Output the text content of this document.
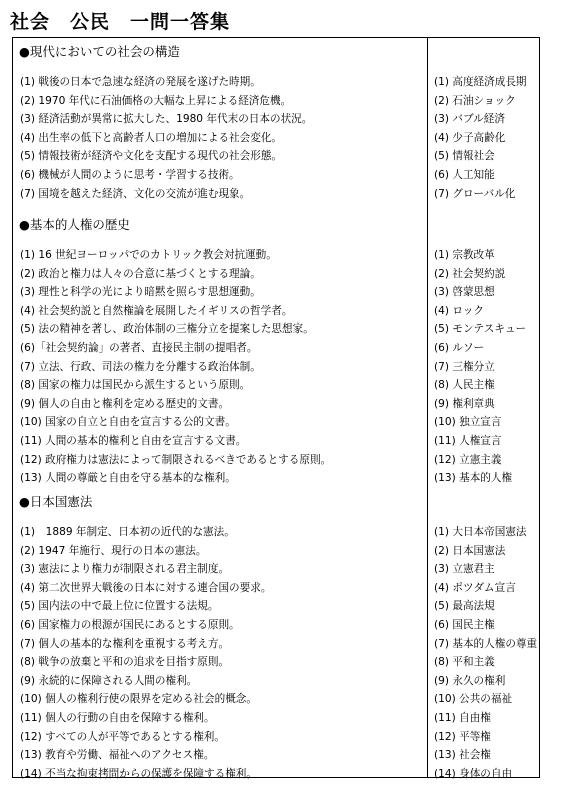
社会　公民　一問一答集
●現代においての社会の構造
(1) 戦後の日本で急速な経済の発展を遂げた時期。	(1) 高度経済成長期
(2) 1970 年代に石油価格の大幅な上昇による経済危機。	(2) 石油ショック
(3) 経済活動が異常に拡大した、1980 年代末の日本の状況。	(3) バブル経済
(4) 出生率の低下と高齢者人口の増加による社会変化。	(4) 少子高齢化
(5) 情報技術が経済や文化を支配する現代の社会形態。	(5) 情報社会
(6) 機械が人間のように思考・学習する技術。	(6) 人工知能
(7) 国境を越えた経済、文化の交流が進む現象。	(7) グローバル化
●基本的人権の歴史
(1) 16 世紀ヨーロッパでのカトリック教会対抗運動。	(1) 宗教改革
(2) 政治と権力は人々の合意に基づくとする理論。	(2) 社会契約説
(3) 理性と科学の光により暗黙を照らす思想運動。	(3) 啓蒙思想
(4) 社会契約説と自然権論を展開したイギリスの哲学者。	(4) ロック
(5) 法の精神を著し、政治体制の三権分立を提案した思想家。	(5) モンテスキュー
(6)「社会契約論」の著者、直接民主制の提唱者。	(6) ルソー
(7) 立法、行政、司法の権力を分離する政治体制。	(7) 三権分立
(8) 国家の権力は国民から派生するという原則。	(8) 人民主権
(9) 個人の自由と権利を定める歴史的文書。	(9) 権利章典
(10) 国家の自立と自由を宣言する公的文書。	(10) 独立宣言
(11) 人間の基本的権利と自由を宣言する文書。	(11) 人権宣言
(12) 政府権力は憲法によって制限されるべきであるとする原則。	(12) 立憲主義
(13) 人間の尊厳と自由を守る基本的な権利。	(13) 基本的人権
●日本国憲法
(1)　1889 年制定、日本初の近代的な憲法。	(1) 大日本帝国憲法
(2) 1947 年施行、現行の日本の憲法。	(2) 日本国憲法
(3) 憲法により権力が制限される君主制度。	(3) 立憲君主
(4) 第二次世界大戦後の日本に対する連合国の要求。	(4) ポツダム宣言
(5) 国内法の中で最上位に位置する法規。	(5) 最高法規
(6) 国家権力の根源が国民にあるとする原則。	(6) 国民主権
(7) 個人の基本的な権利を重視する考え方。	(7) 基本的人権の尊重
(8) 戦争の放棄と平和の追求を目指す原則。	(8) 平和主義
(9) 永続的に保障される人間の権利。	(9) 永久の権利
(10) 個人の権利行使の限界を定める社会的概念。	(10) 公共の福祉
(11) 個人の行動の自由を保障する権利。	(11) 自由権
(12) すべての人が平等であるとする権利。	(12) 平等権
(13) 教育や労働、福祉へのアクセス権。	(13) 社会権
(14) 不当な拘束拷問からの保護を保障する権利。	(14) 身体の自由
